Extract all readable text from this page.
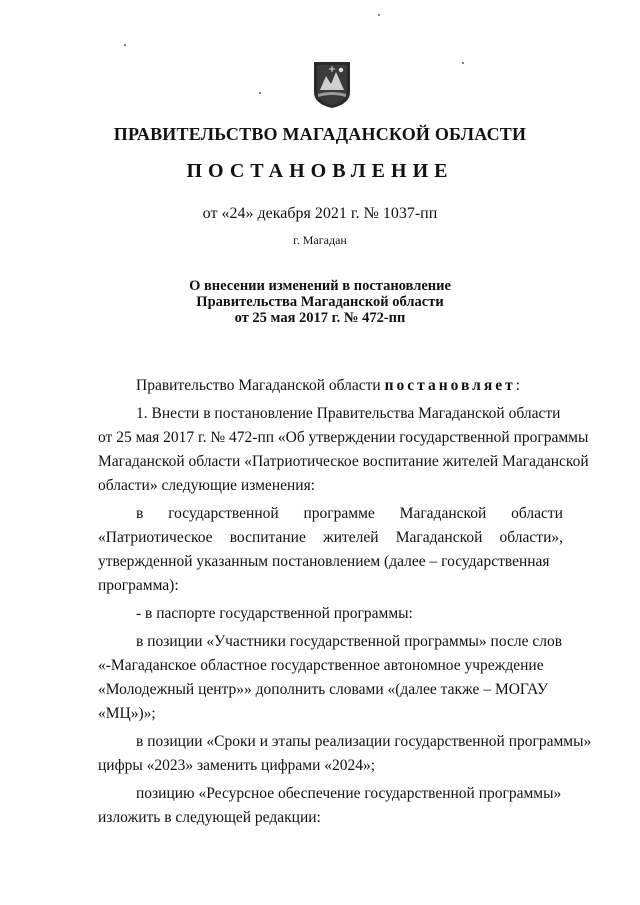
ПРАВИТЕЛЬСТВО МАГАДАНСКОЙ ОБЛАСТИ
ПОСТАНОВЛЕНИЕ
от «24» декабря 2021 г. № 1037-пп
г. Магадан
О внесении изменений в постановление
Правительства Магаданской области
от 25 мая 2017 г. № 472-пп
Правительство Магаданской области постановляет:
1. Внести в постановление Правительства Магаданской области
от 25 мая 2017 г. № 472-пп «Об утверждении государственной программы
Магаданской области «Патриотическое воспитание жителей Магаданской
области» следующие изменения:
в государственной программе Магаданской области
«Патриотическое воспитание жителей Магаданской области»,
утвержденной указанным постановлением (далее – государственная
программа):
- в паспорте государственной программы:
в позиции «Участники государственной программы» после слов
«-Магаданское областное государственное автономное учреждение
«Молодежный центр»» дополнить словами «(далее также – МОГАУ
«МЦ»)»;
в позиции «Сроки и этапы реализации государственной программы»
цифры «2023» заменить цифрами «2024»;
позицию «Ресурсное обеспечение государственной программы»
изложить в следующей редакции:
